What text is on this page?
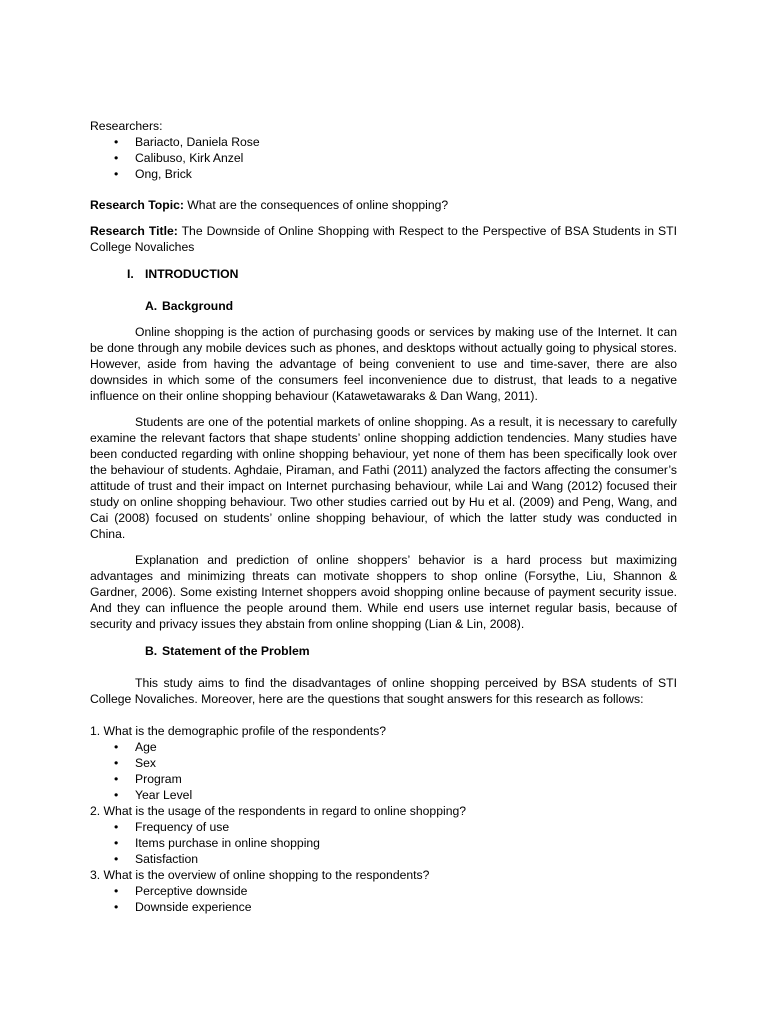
Researchers:

• Bariacto, Daniela Rose
• Calibuso, Kirk Anzel
• Ong, Brick

Research Topic: What are the consequences of online shopping?

Research Title: The Downside of Online Shopping with Respect to the Perspective of BSA Students in STI College Novaliches

I. INTRODUCTION

A. Background

Online shopping is the action of purchasing goods or services by making use of the Internet. It can be done through any mobile devices such as phones, and desktops without actually going to physical stores. However, aside from having the advantage of being convenient to use and time-saver, there are also downsides in which some of the consumers feel inconvenience due to distrust, that leads to a negative influence on their online shopping behaviour (Katawetawaraks & Dan Wang, 2011).

Students are one of the potential markets of online shopping. As a result, it is necessary to carefully examine the relevant factors that shape students’ online shopping addiction tendencies. Many studies have been conducted regarding with online shopping behaviour, yet none of them has been specifically look over the behaviour of students. Aghdaie, Piraman, and Fathi (2011) analyzed the factors affecting the consumer’s attitude of trust and their impact on Internet purchasing behaviour, while Lai and Wang (2012) focused their study on online shopping behaviour. Two other studies carried out by Hu et al. (2009) and Peng, Wang, and Cai (2008) focused on students’ online shopping behaviour, of which the latter study was conducted in China.

Explanation and prediction of online shoppers’ behavior is a hard process but maximizing advantages and minimizing threats can motivate shoppers to shop online (Forsythe, Liu, Shannon & Gardner, 2006). Some existing Internet shoppers avoid shopping online because of payment security issue. And they can influence the people around them. While end users use internet regular basis, because of security and privacy issues they abstain from online shopping (Lian & Lin, 2008).

B. Statement of the Problem

This study aims to find the disadvantages of online shopping perceived by BSA students of STI College Novaliches. Moreover, here are the questions that sought answers for this research as follows:

1. What is the demographic profile of the respondents?

• Age
• Sex
• Program
• Year Level

2. What is the usage of the respondents in regard to online shopping?

• Frequency of use
• Items purchase in online shopping
• Satisfaction

3. What is the overview of online shopping to the respondents?

• Perceptive downside
• Downside experience
